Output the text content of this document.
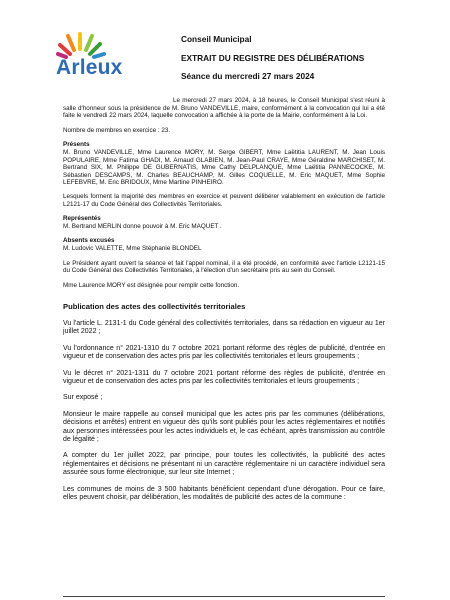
Arleux
Conseil Municipal
EXTRAIT DU REGISTRE DES DÉLIBÉRATIONS
Séance du mercredi 27 mars 2024

Le mercredi 27 mars 2024, à 18 heures, le Conseil Municipal s'est réuni à salle d'honneur sous la présidence de M. Bruno VANDEVILLE, maire, conformément à la convocation qui lui a été faite le vendredi 22 mars 2024, laquelle convocation a affichée à la porte de la Mairie, conformément à la Loi.

Nombre de membres en exercice : 23.

Présents

M. Bruno VANDEVILLE, Mme Laurence MORY, M. Serge GIBERT, Mme Laëtitia LAURENT, M. Jean Louis POPULAIRE, Mme Fatima GHADI, M. Arnaud GLABIEN, M. Jean-Paul CRAYE, Mme Géraldine MARCHISET, M. Bertrand SIX, M. Philippe DE GUBERNATIS, Mme Cathy DELPLANQUE, Mme Laëtitia PANNECOCKE, M. Sébastien DESCAMPS, M. Charles BEAUCHAMP, M. Gilles COQUELLE, M. Eric MAQUET, Mme Sophie LEFEBVRE, M. Eric BRIDOUX, Mme Martine PINHEIRO.

Lesquels forment la majorité des membres en exercice et peuvent délibérer valablement en exécution de l'article L2121-17 du Code Général des Collectivités Territoriales.

Représentés

M. Bertrand MERLIN donne pouvoir à M. Eric MAQUET .

Absents excusés

M. Ludovic VALETTE, Mme Stéphanie BLONDEL

Le Président ayant ouvert la séance et fait l'appel nominal, il a été procédé, en conformité avec l'article L2121-15 du Code Général des Collectivités Territoriales, à l'élection d'un secrétaire pris au sein du Conseil.

Mme Laurence MORY est désignée pour remplir cette fonction.

Publication des actes des collectivités territoriales

Vu l'article L. 2131-1 du Code général des collectivités territoriales, dans sa rédaction en vigueur au 1er juillet 2022 ;

Vu l'ordonnance n° 2021-1310 du 7 octobre 2021 portant réforme des règles de publicité, d'entrée en vigueur et de conservation des actes pris par les collectivités territoriales et leurs groupements ;

Vu le décret n° 2021-1311 du 7 octobre 2021 portant réforme des règles de publicité, d'entrée en vigueur et de conservation des actes pris par les collectivités territoriales et leurs groupements ;

Sur exposé ;

Monsieur le maire rappelle au conseil municipal que les actes pris par les communes (délibérations, décisions et arrêtés) entrent en vigueur dès qu'ils sont publiés pour les actes réglementaires et notifiés aux personnes intéressées pour les actes individuels et, le cas échéant, après transmission au contrôle de légalité ;

A compter du 1er juillet 2022, par principe, pour toutes les collectivités, la publicité des actes réglementaires et décisions ne présentant ni un caractère réglementaire ni un caractère individuel sera assurée sous forme électronique, sur leur site Internet ;

Les communes de moins de 3 500 habitants bénéficient cependant d'une dérogation. Pour ce faire, elles peuvent choisir, par délibération, les modalités de publicité des actes de la commune :
